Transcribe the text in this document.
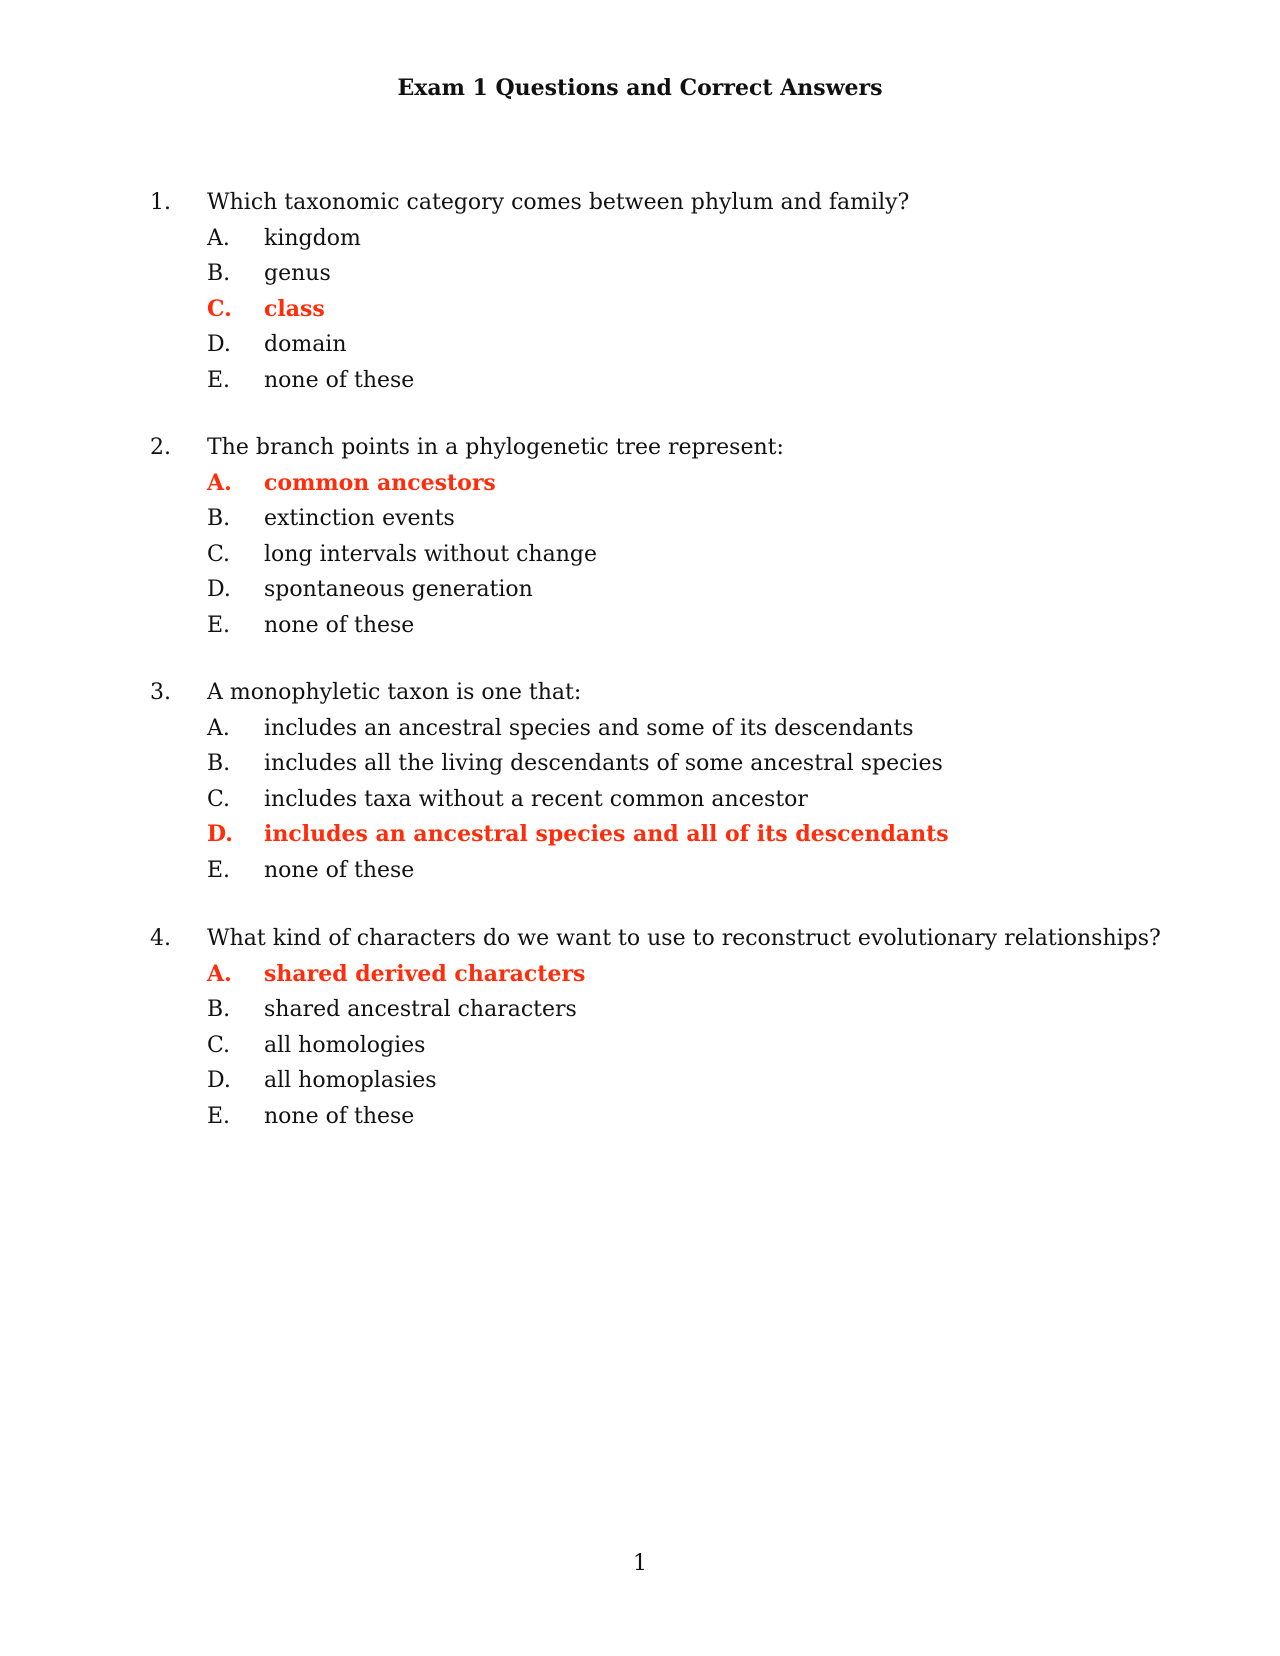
Exam 1 Questions and Correct Answers
1. Which taxonomic category comes between phylum and family?
A. kingdom
B. genus
C. class
D. domain
E. none of these
2. The branch points in a phylogenetic tree represent:
A. common ancestors
B. extinction events
C. long intervals without change
D. spontaneous generation
E. none of these
3. A monophyletic taxon is one that:
A. includes an ancestral species and some of its descendants
B. includes all the living descendants of some ancestral species
C. includes taxa without a recent common ancestor
D. includes an ancestral species and all of its descendants
E. none of these
4. What kind of characters do we want to use to reconstruct evolutionary relationships?
A. shared derived characters
B. shared ancestral characters
C. all homologies
D. all homoplasies
E. none of these
1
